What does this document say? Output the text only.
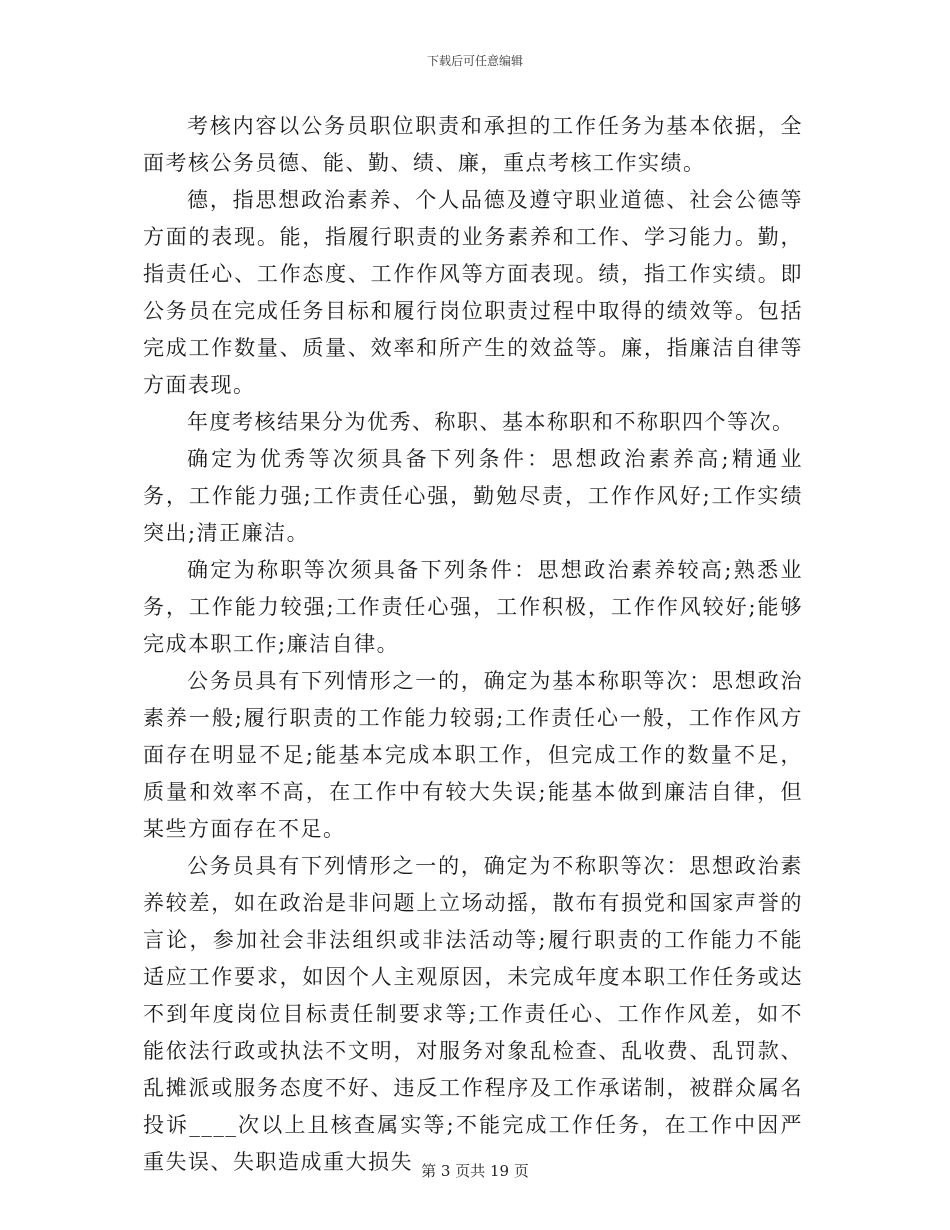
下载后可任意编辑

考核内容以公务员职位职责和承担的工作任务为基本依据，全面考核公务员德、能、勤、绩、廉，重点考核工作实绩。

德，指思想政治素养、个人品德及遵守职业道德、社会公德等方面的表现。能，指履行职责的业务素养和工作、学习能力。勤，指责任心、工作态度、工作作风等方面表现。绩，指工作实绩。即公务员在完成任务目标和履行岗位职责过程中取得的绩效等。包括完成工作数量、质量、效率和所产生的效益等。廉，指廉洁自律等方面表现。

年度考核结果分为优秀、称职、基本称职和不称职四个等次。

确定为优秀等次须具备下列条件：思想政治素养高;精通业务，工作能力强;工作责任心强，勤勉尽责，工作作风好;工作实绩突出;清正廉洁。

确定为称职等次须具备下列条件：思想政治素养较高;熟悉业务，工作能力较强;工作责任心强，工作积极，工作作风较好;能够完成本职工作;廉洁自律。

公务员具有下列情形之一的，确定为基本称职等次：思想政治素养一般;履行职责的工作能力较弱;工作责任心一般，工作作风方面存在明显不足;能基本完成本职工作，但完成工作的数量不足，质量和效率不高，在工作中有较大失误;能基本做到廉洁自律，但某些方面存在不足。

公务员具有下列情形之一的，确定为不称职等次：思想政治素养较差，如在政治是非问题上立场动摇，散布有损党和国家声誉的言论，参加社会非法组织或非法活动等;履行职责的工作能力不能适应工作要求，如因个人主观原因，未完成年度本职工作任务或达不到年度岗位目标责任制要求等;工作责任心、工作作风差，如不能依法行政或执法不文明，对服务对象乱检查、乱收费、乱罚款、乱摊派或服务态度不好、违反工作程序及工作承诺制，被群众属名投诉____次以上且核查属实等;不能完成工作任务，在工作中因严重失误、失职造成重大损失 第 3 页共 19 页
